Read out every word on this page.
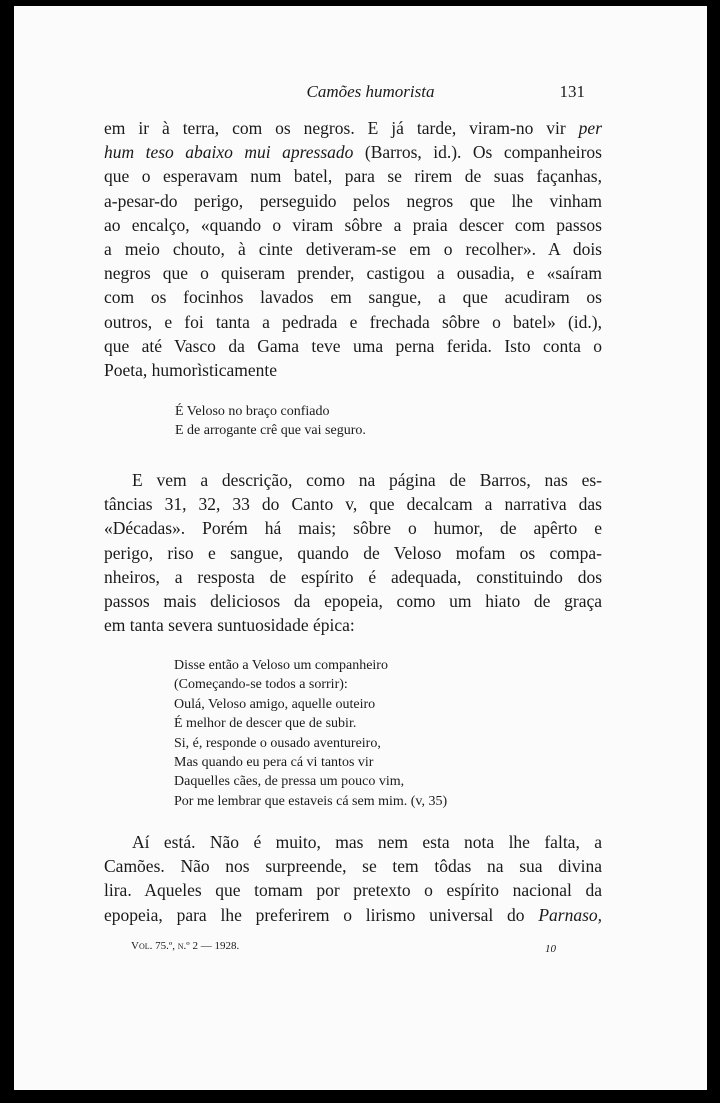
Camões humorista	131
em ir à terra, com os negros. E já tarde, viram-no vir per
hum teso abaixo mui apressado (Barros, id.). Os companheiros
que o esperavam num batel, para se rirem de suas façanhas,
a-pesar-do perigo, perseguido pelos negros que lhe vinham
ao encalço, «quando o viram sôbre a praia descer com passos
a meio chouto, à cinte detiveram-se em o recolher». A dois
negros que o quiseram prender, castigou a ousadia, e «saíram
com os focinhos lavados em sangue, a que acudiram os
outros, e foi tanta a pedrada e frechada sôbre o batel» (id.),
que até Vasco da Gama teve uma perna ferida. Isto conta o
Poeta, humorìsticamente
É Veloso no braço confiado
E de arrogante crê que vai seguro.
E vem a descrição, como na página de Barros, nas es-
tâncias 31, 32, 33 do Canto v, que decalcam a narrativa das
«Décadas». Porém há mais; sôbre o humor, de apêrto e
perigo, riso e sangue, quando de Veloso mofam os compa-
nheiros, a resposta de espírito é adequada, constituindo dos
passos mais deliciosos da epopeia, como um hiato de graça
em tanta severa suntuosidade épica:
Disse então a Veloso um companheiro
(Começando-se todos a sorrir):
Oulá, Veloso amigo, aquelle outeiro
É melhor de descer que de subir.
Si, é, responde o ousado aventureiro,
Mas quando eu pera cá vi tantos vir
Daquelles cães, de pressa um pouco vim,
Por me lembrar que estaveis cá sem mim. (v, 35)
Aí está. Não é muito, mas nem esta nota lhe falta, a
Camões. Não nos surpreende, se tem tôdas na sua divina
lira. Aqueles que tomam por pretexto o espírito nacional da
epopeia, para lhe preferirem o lirismo universal do Parnaso,
Vol. 75.º, n.º 2 — 1928.	10
